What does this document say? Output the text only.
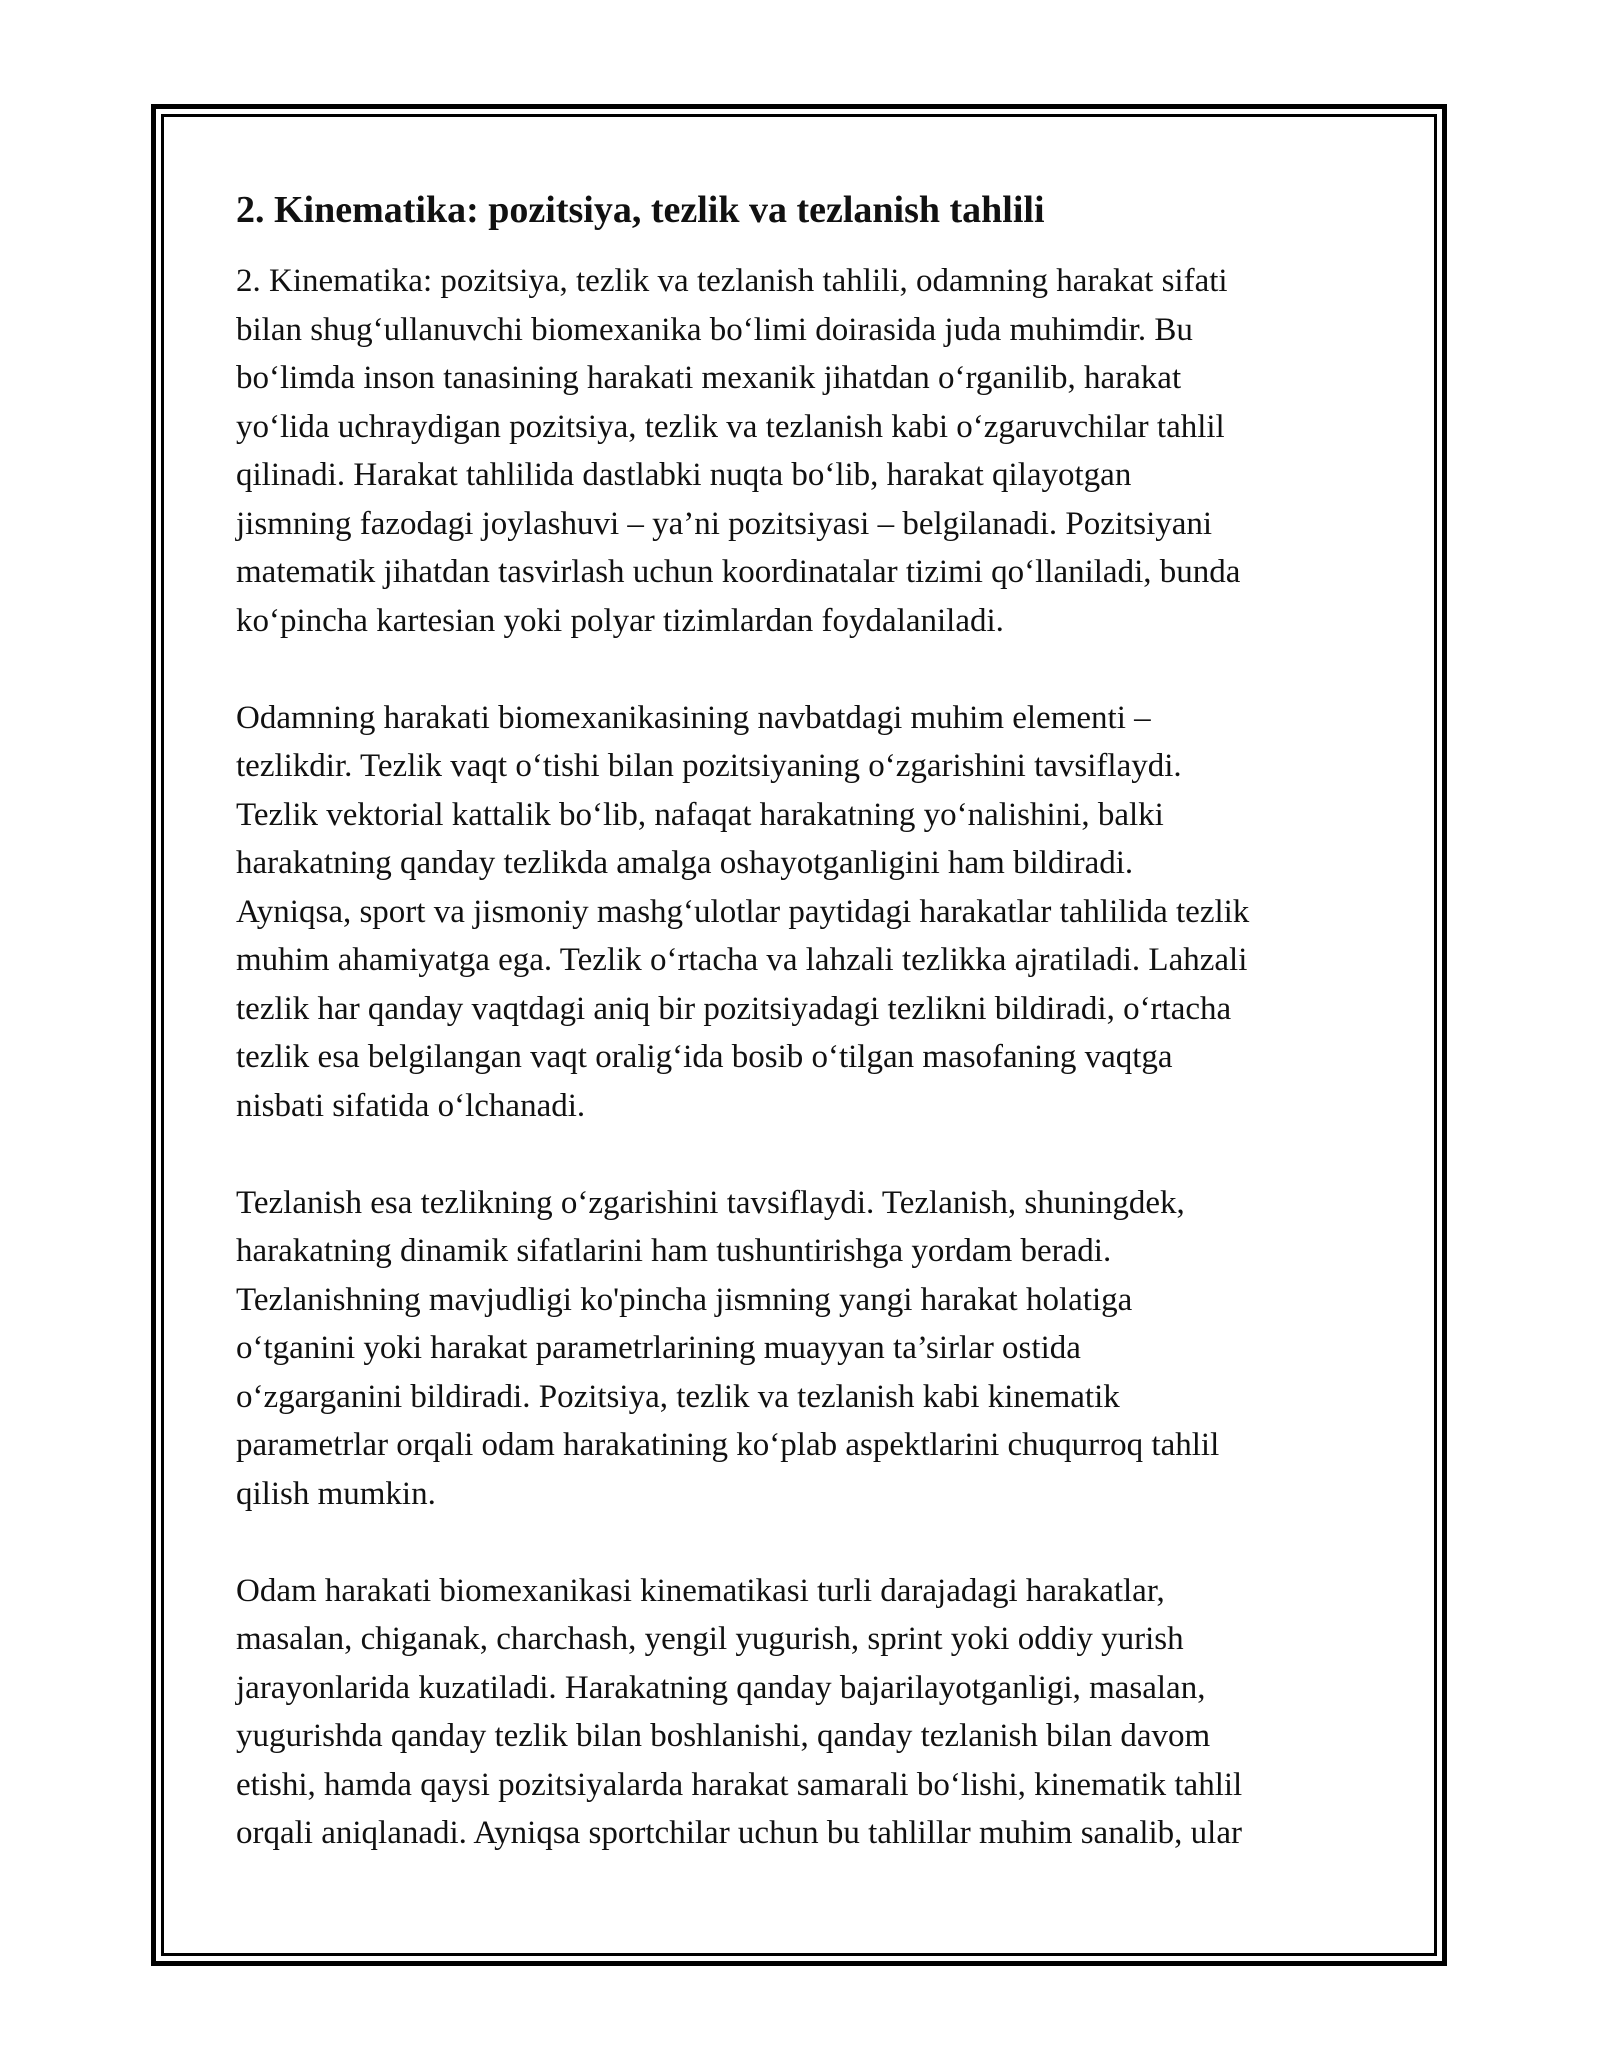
2. Kinematika: pozitsiya, tezlik va tezlanish tahlili

2. Kinematika: pozitsiya, tezlik va tezlanish tahlili, odamning harakat sifati
bilan shug‘ullanuvchi biomexanika bo‘limi doirasida juda muhimdir. Bu
bo‘limda inson tanasining harakati mexanik jihatdan o‘rganilib, harakat
yo‘lida uchraydigan pozitsiya, tezlik va tezlanish kabi o‘zgaruvchilar tahlil
qilinadi. Harakat tahlilida dastlabki nuqta bo‘lib, harakat qilayotgan
jismning fazodagi joylashuvi – ya’ni pozitsiyasi – belgilanadi. Pozitsiyani
matematik jihatdan tasvirlash uchun koordinatalar tizimi qo‘llaniladi, bunda
ko‘pincha kartesian yoki polyar tizimlardan foydalaniladi.

Odamning harakati biomexanikasining navbatdagi muhim elementi –
tezlikdir. Tezlik vaqt o‘tishi bilan pozitsiyaning o‘zgarishini tavsiflaydi.
Tezlik vektorial kattalik bo‘lib, nafaqat harakatning yo‘nalishini, balki
harakatning qanday tezlikda amalga oshayotganligini ham bildiradi.
Ayniqsa, sport va jismoniy mashg‘ulotlar paytidagi harakatlar tahlilida tezlik
muhim ahamiyatga ega. Tezlik o‘rtacha va lahzali tezlikka ajratiladi. Lahzali
tezlik har qanday vaqtdagi aniq bir pozitsiyadagi tezlikni bildiradi, o‘rtacha
tezlik esa belgilangan vaqt oralig‘ida bosib o‘tilgan masofaning vaqtga
nisbati sifatida o‘lchanadi.

Tezlanish esa tezlikning o‘zgarishini tavsiflaydi. Tezlanish, shuningdek,
harakatning dinamik sifatlarini ham tushuntirishga yordam beradi.
Tezlanishning mavjudligi ko'pincha jismning yangi harakat holatiga
o‘tganini yoki harakat parametrlarining muayyan ta’sirlar ostida
o‘zgarganini bildiradi. Pozitsiya, tezlik va tezlanish kabi kinematik
parametrlar orqali odam harakatining ko‘plab aspektlarini chuqurroq tahlil
qilish mumkin.

Odam harakati biomexanikasi kinematikasi turli darajadagi harakatlar,
masalan, chiganak, charchash, yengil yugurish, sprint yoki oddiy yurish
jarayonlarida kuzatiladi. Harakatning qanday bajarilayotganligi, masalan,
yugurishda qanday tezlik bilan boshlanishi, qanday tezlanish bilan davom
etishi, hamda qaysi pozitsiyalarda harakat samarali bo‘lishi, kinematik tahlil
orqali aniqlanadi. Ayniqsa sportchilar uchun bu tahlillar muhim sanalib, ular
